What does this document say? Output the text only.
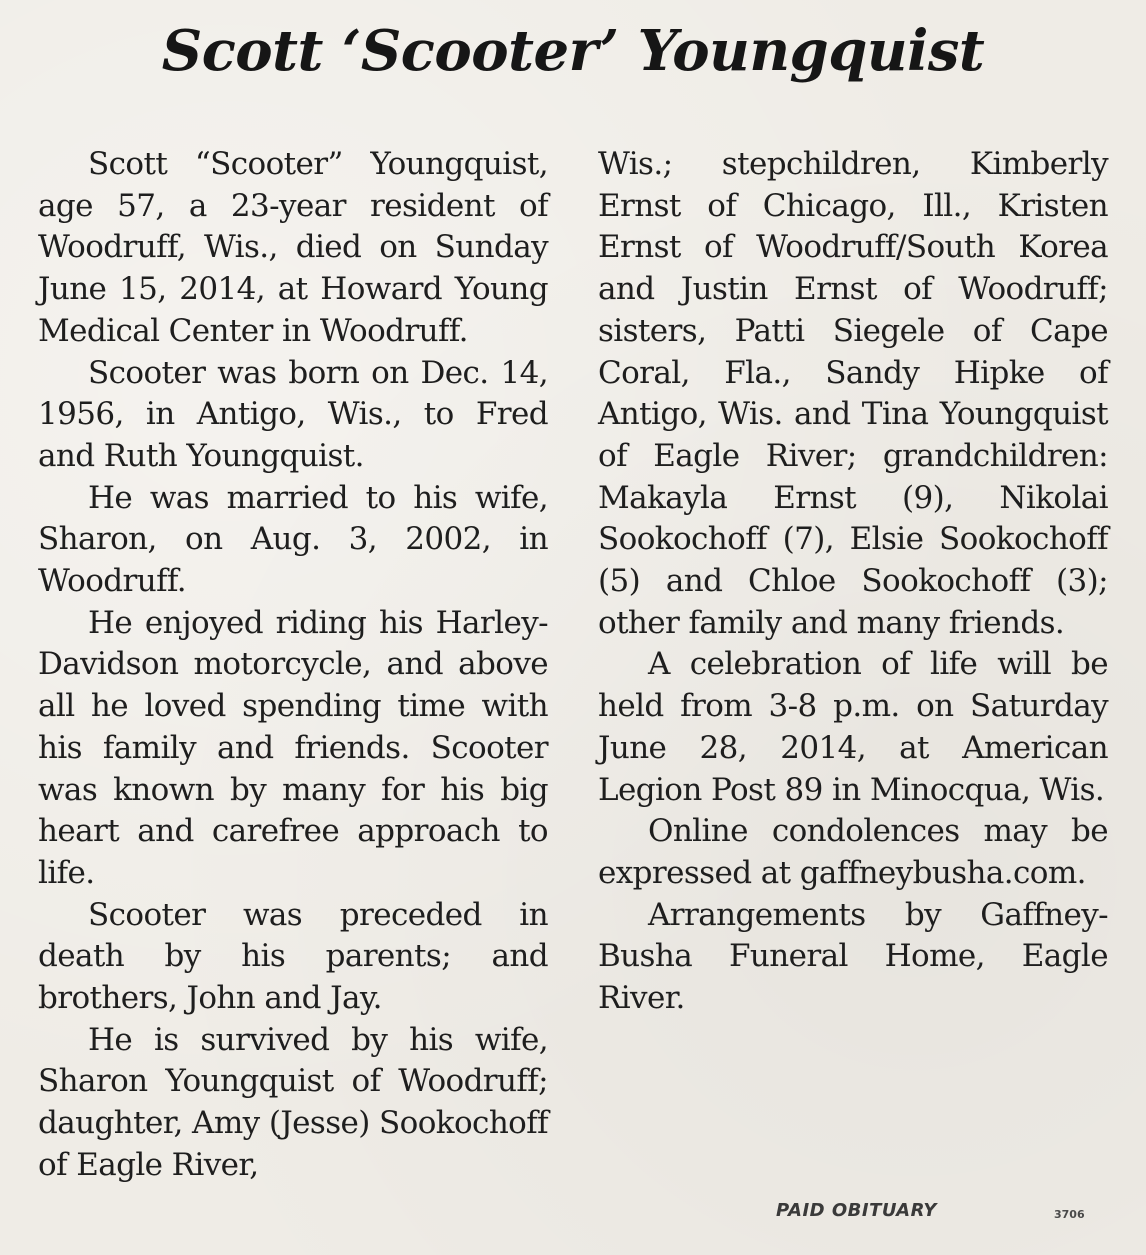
Scott ‘Scooter’ Youngquist

Scott “Scooter” Youngquist, age 57, a 23-year resident of Woodruff, Wis., died on Sunday June 15, 2014, at Howard Young Medical Center in Woodruff.

Scooter was born on Dec. 14, 1956, in Antigo, Wis., to Fred and Ruth Youngquist.

He was married to his wife, Sharon, on Aug. 3, 2002, in Woodruff.

He enjoyed riding his Harley-Davidson motorcycle, and above all he loved spending time with his family and friends. Scooter was known by many for his big heart and carefree approach to life.

Scooter was preceded in death by his parents; and brothers, John and Jay.

He is survived by his wife, Sharon Youngquist of Woodruff; daughter, Amy (Jesse) Sookochoff of Eagle River,

Wis.; stepchildren, Kimberly Ernst of Chicago, Ill., Kristen Ernst of Woodruff/South Korea and Justin Ernst of Woodruff; sisters, Patti Siegele of Cape Coral, Fla., Sandy Hipke of Antigo, Wis. and Tina Youngquist of Eagle River; grandchildren: Makayla Ernst (9), Nikolai Sookochoff (7), Elsie Sookochoff (5) and Chloe Sookochoff (3); other family and many friends.

A celebration of life will be held from 3-8 p.m. on Saturday June 28, 2014, at American Legion Post 89 in Minocqua, Wis.

Online condolences may be expressed at gaffneybusha.com.

Arrangements by Gaffney-Busha Funeral Home, Eagle River.

PAID OBITUARY	3706
